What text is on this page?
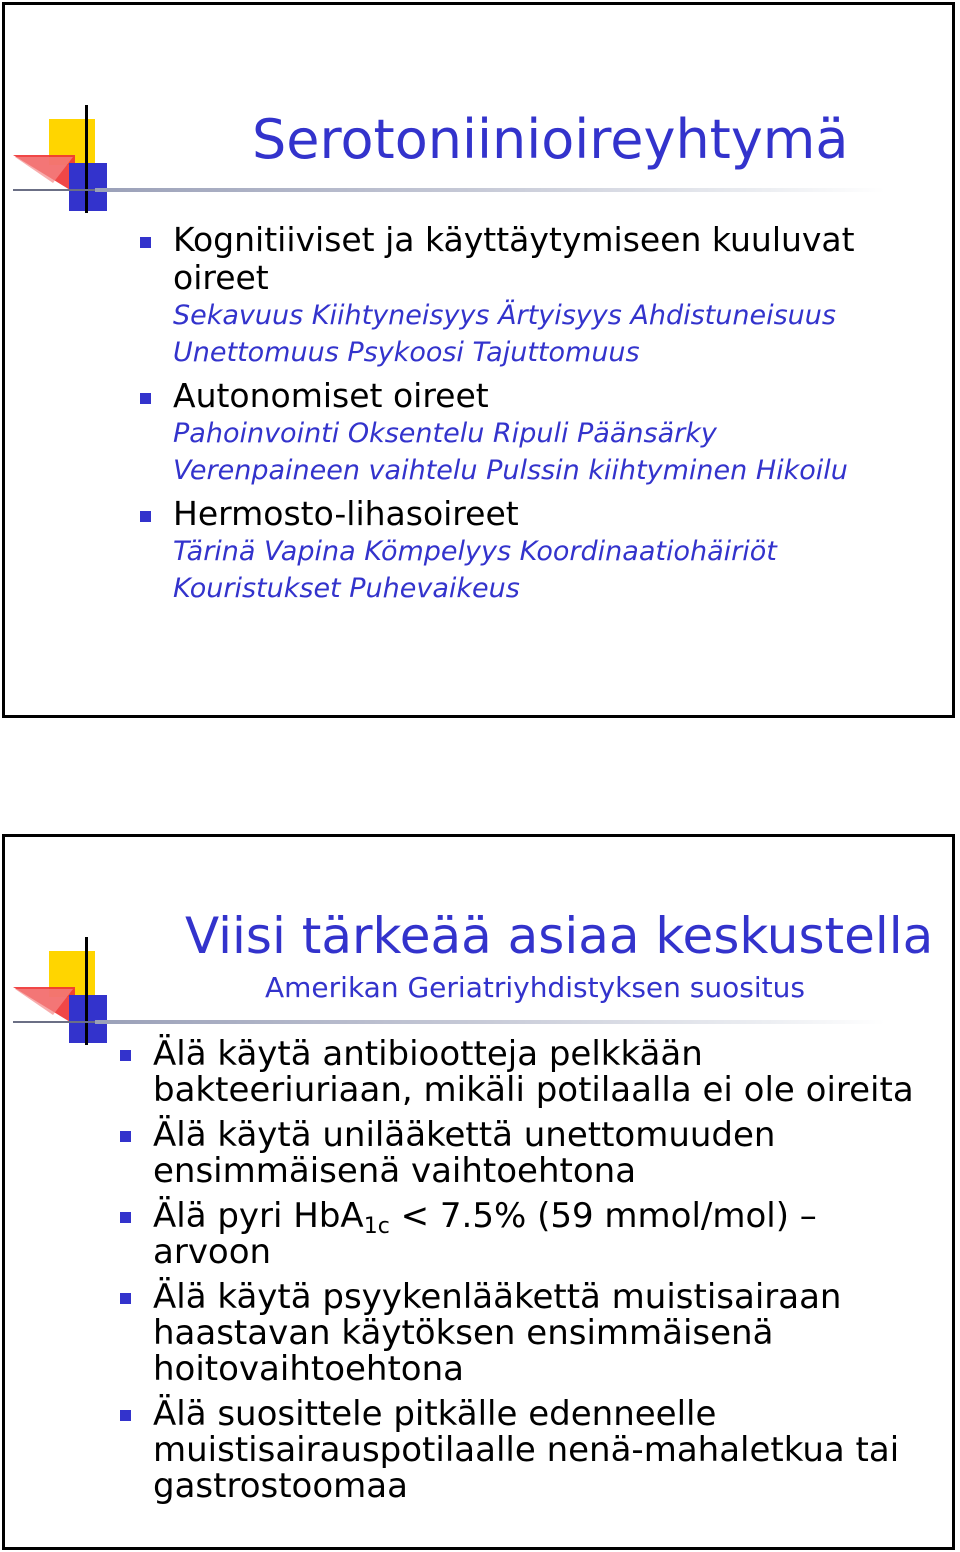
Serotoniinioireyhtymä
Kognitiiviset ja käyttäytymiseen kuuluvat oireet
Sekavuus Kiihtyneisyys Ärtyisyys Ahdistuneisuus
Unettomuus Psykoosi Tajuttomuus
Autonomiset oireet
Pahoinvointi Oksentelu Ripuli Päänsärky
Verenpaineen vaihtelu Pulssin kiihtyminen Hikoilu
Hermosto-lihasoireet
Tärinä Vapina Kömpelyys Koordinaatiohäiriöt
Kouristukset Puhevaikeus
Viisi tärkeää asiaa keskustella
Amerikan Geriatriyhdistyksen suositus
Älä käytä antibiootteja pelkkään bakteeriuriaan, mikäli potilaalla ei ole oireita
Älä käytä unilääkettä unettomuuden ensimmäisenä vaihtoehtona
Älä pyri HbA$_{1c}$ < 7.5% (59 mmol/mol) – arvoon
Älä käytä psyykenlääkettä muistisairaan haastavan käytöksen ensimmäisenä hoitovaihtoehtona
Älä suosittele pitkälle edenneelle muistisairauspotilaalle nenä-mahaletkua tai gastrostoomaa
